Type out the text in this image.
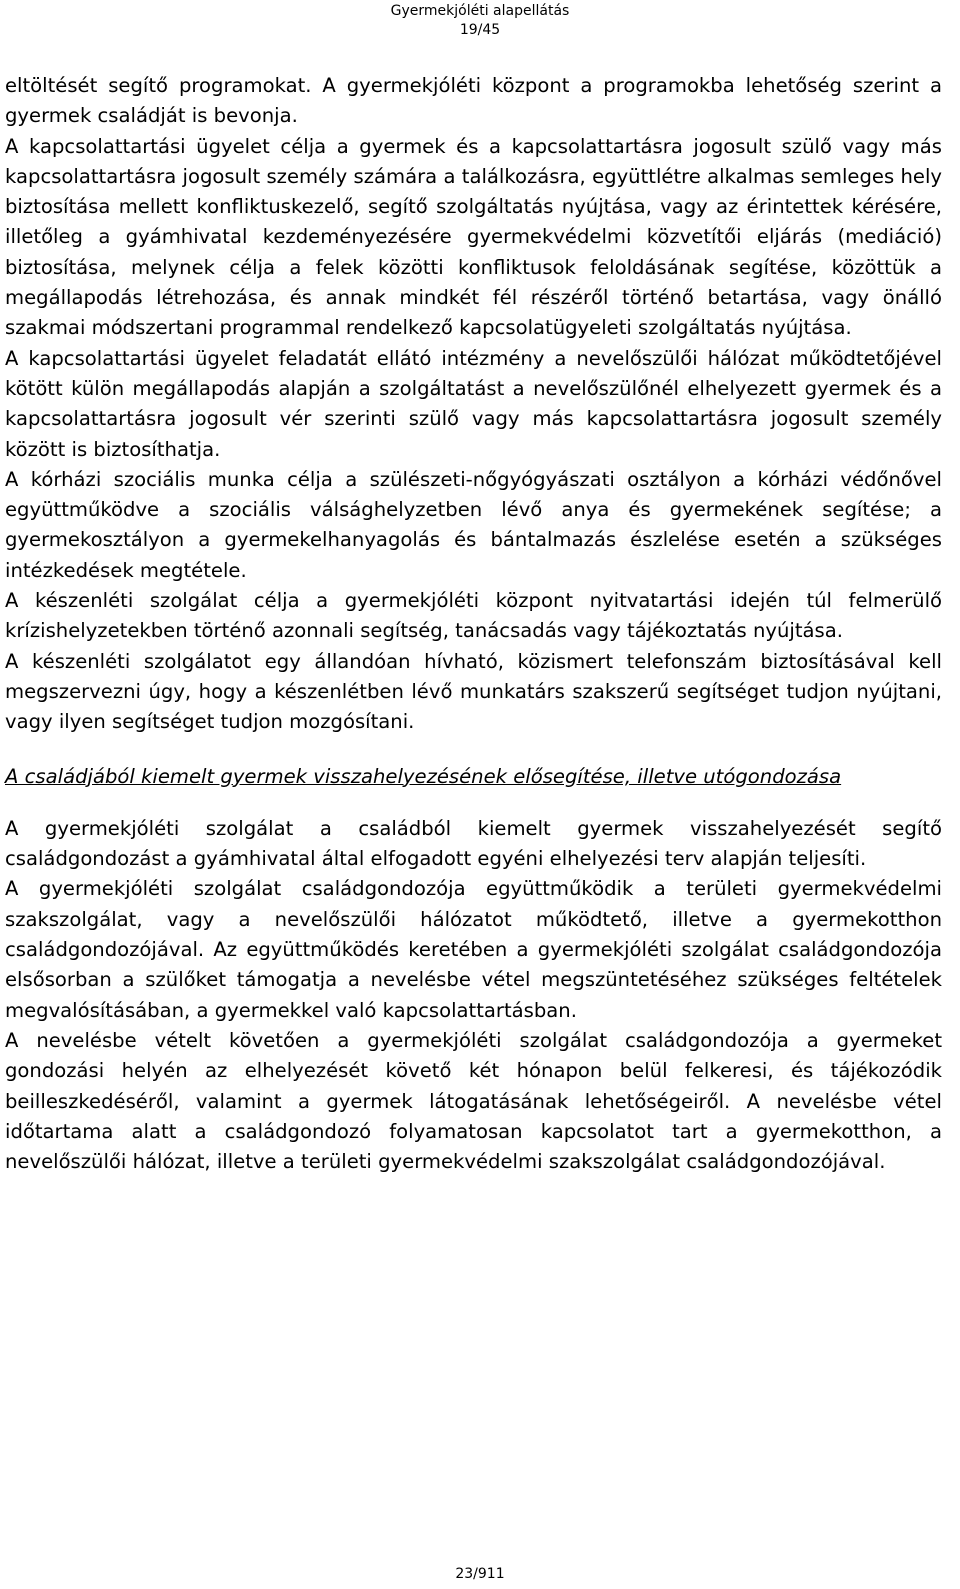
Gyermekjóléti alapellátás
19/45

eltöltését segítő programokat. A gyermekjóléti központ a programokba lehetőség szerint a gyermek családját is bevonja.

A kapcsolattartási ügyelet célja a gyermek és a kapcsolattartásra jogosult szülő vagy más kapcsolattartásra jogosult személy számára a találkozásra, együttlétre alkalmas semleges hely biztosítása mellett konfliktuskezelő, segítő szolgáltatás nyújtása, vagy az érintettek kérésére, illetőleg a gyámhivatal kezdeményezésére gyermekvédelmi közvetítői eljárás (mediáció) biztosítása, melynek célja a felek közötti konfliktusok feloldásának segítése, közöttük a megállapodás létrehozása, és annak mindkét fél részéről történő betartása, vagy önálló szakmai módszertani programmal rendelkező kapcsolatügyeleti szolgáltatás nyújtása.

A kapcsolattartási ügyelet feladatát ellátó intézmény a nevelőszülői hálózat működtetőjével kötött külön megállapodás alapján a szolgáltatást a nevelőszülőnél elhelyezett gyermek és a kapcsolattartásra jogosult vér szerinti szülő vagy más kapcsolattartásra jogosult személy között is biztosíthatja.

A kórházi szociális munka célja a szülészeti-nőgyógyászati osztályon a kórházi védőnővel együttműködve a szociális válsághelyzetben lévő anya és gyermekének segítése; a gyermekosztályon a gyermekelhanyagolás és bántalmazás észlelése esetén a szükséges intézkedések megtétele.

A készenléti szolgálat célja a gyermekjóléti központ nyitvatartási idején túl felmerülő krízishelyzetekben történő azonnali segítség, tanácsadás vagy tájékoztatás nyújtása.

A készenléti szolgálatot egy állandóan hívható, közismert telefonszám biztosításával kell megszervezni úgy, hogy a készenlétben lévő munkatárs szakszerű segítséget tudjon nyújtani, vagy ilyen segítséget tudjon mozgósítani.

A családjából kiemelt gyermek visszahelyezésének elősegítése, illetve utógondozása

A gyermekjóléti szolgálat a családból kiemelt gyermek visszahelyezését segítő családgondozást a gyámhivatal által elfogadott egyéni elhelyezési terv alapján teljesíti.

A gyermekjóléti szolgálat családgondozója együttműködik a területi gyermekvédelmi szakszolgálat, vagy a nevelőszülői hálózatot működtető, illetve a gyermekotthon családgondozójával. Az együttműködés keretében a gyermekjóléti szolgálat családgondozója elsősorban a szülőket támogatja a nevelésbe vétel megszüntetéséhez szükséges feltételek megvalósításában, a gyermekkel való kapcsolattartásban.

A nevelésbe vételt követően a gyermekjóléti szolgálat családgondozója a gyermeket gondozási helyén az elhelyezését követő két hónapon belül felkeresi, és tájékozódik beilleszkedéséről, valamint a gyermek látogatásának lehetőségeiről. A nevelésbe vétel időtartama alatt a családgondozó folyamatosan kapcsolatot tart a gyermekotthon, a nevelőszülői hálózat, illetve a területi gyermekvédelmi szakszolgálat családgondozójával.

23/911
